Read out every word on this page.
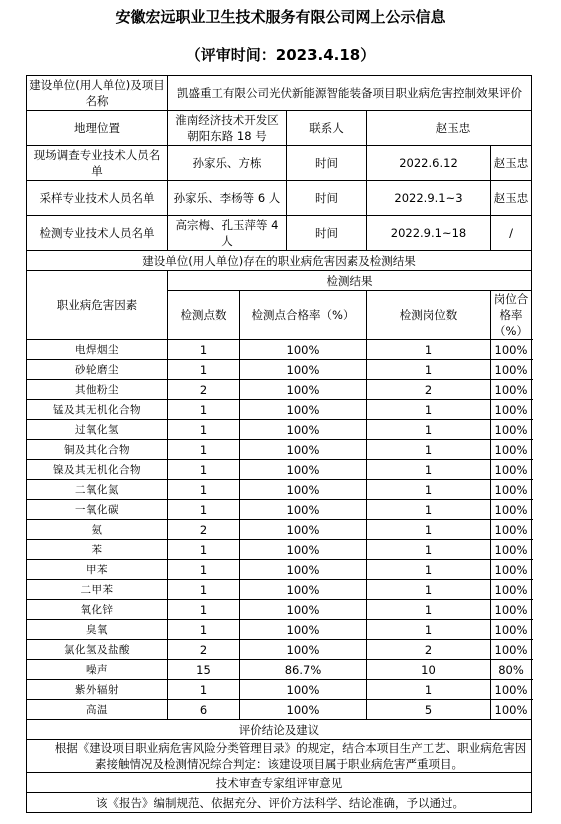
安徽宏远职业卫生技术服务有限公司网上公示信息
（评审时间：2023.4.18）
建设单位(用人单位)及项目名称	凯盛重工有限公司光伏新能源智能装备项目职业病危害控制效果评价				
地理位置	淮南经济技术开发区朝阳东路 18 号		联系人	赵玉忠	
现场调查专业技术人员名单	孙家乐、方栋		时间	2022.6.12	赵玉忠
采样专业技术人员名单	孙家乐、李杨等 6 人		时间	2022.9.1~3	赵玉忠
检测专业技术人员名单	高宗梅、孔玉萍等 4 人		时间	2022.9.1~18	/
建设单位(用人单位)存在的职业病危害因素及检测结果					
职业病危害因素	检测结果				
	检测点数	检测点合格率（%）		检测岗位数	岗位合格率（%）
电焊烟尘	1	100%		1	100%
砂轮磨尘	1	100%		1	100%
其他粉尘	2	100%		2	100%
锰及其无机化合物	1	100%		1	100%
过氧化氢	1	100%		1	100%
铜及其化合物	1	100%		1	100%
镍及其无机化合物	1	100%		1	100%
二氧化氮	1	100%		1	100%
一氧化碳	1	100%		1	100%
氨	2	100%		1	100%
苯	1	100%		1	100%
甲苯	1	100%		1	100%
二甲苯	1	100%		1	100%
氧化锌	1	100%		1	100%
臭氧	1	100%		1	100%
氯化氢及盐酸	2	100%		2	100%
噪声	15	86.7%		10	80%
紫外辐射	1	100%		1	100%
高温	6	100%		5	100%
评价结论及建议					
根据《建设项目职业病危害风险分类管理目录》的规定，结合本项目生产工艺、职业病危害因素接触情况及检测情况综合判定：该建设项目属于职业病危害严重项目。					
技术审查专家组评审意见					
该《报告》编制规范、依据充分、评价方法科学、结论准确，予以通过。					
